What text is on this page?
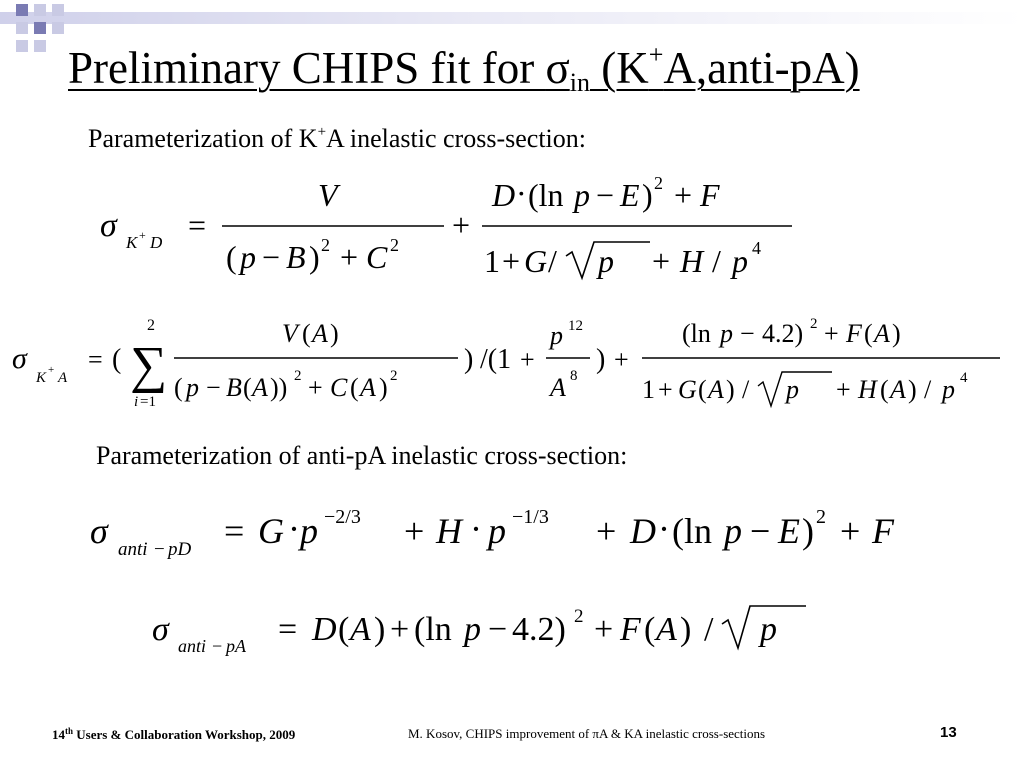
Preliminary CHIPS fit for $\sigma_{in}$ (K+A,anti-pA)

Parameterization of K+A inelastic cross-section:

σ K + D =
V
( p − B ) 2 + C 2
+
D · (ln p − E ) 2 + F
1 + G / p + H / p 4
σ
K + A
= (
2
∑
i =1
V ( A )
( p − B ( A )) 2 + C ( A ) 2
) /(1 +
p 12
A 8
) +
(ln p − 4.2) 2 + F ( A )
1 + G ( A ) / p + H ( A ) / p 4

Parameterization of anti-pA inelastic cross-section:

σ anti − pD = G · p −2/3 + H · p −1/3 + D · (ln p − E ) 2 + F
σ anti − pA = D ( A ) + (ln p − 4.2) 2 + F ( A ) / p
14th Users & Collaboration Workshop, 2009	M. Kosov, CHIPS improvement of πA & KA inelastic cross-sections	13
